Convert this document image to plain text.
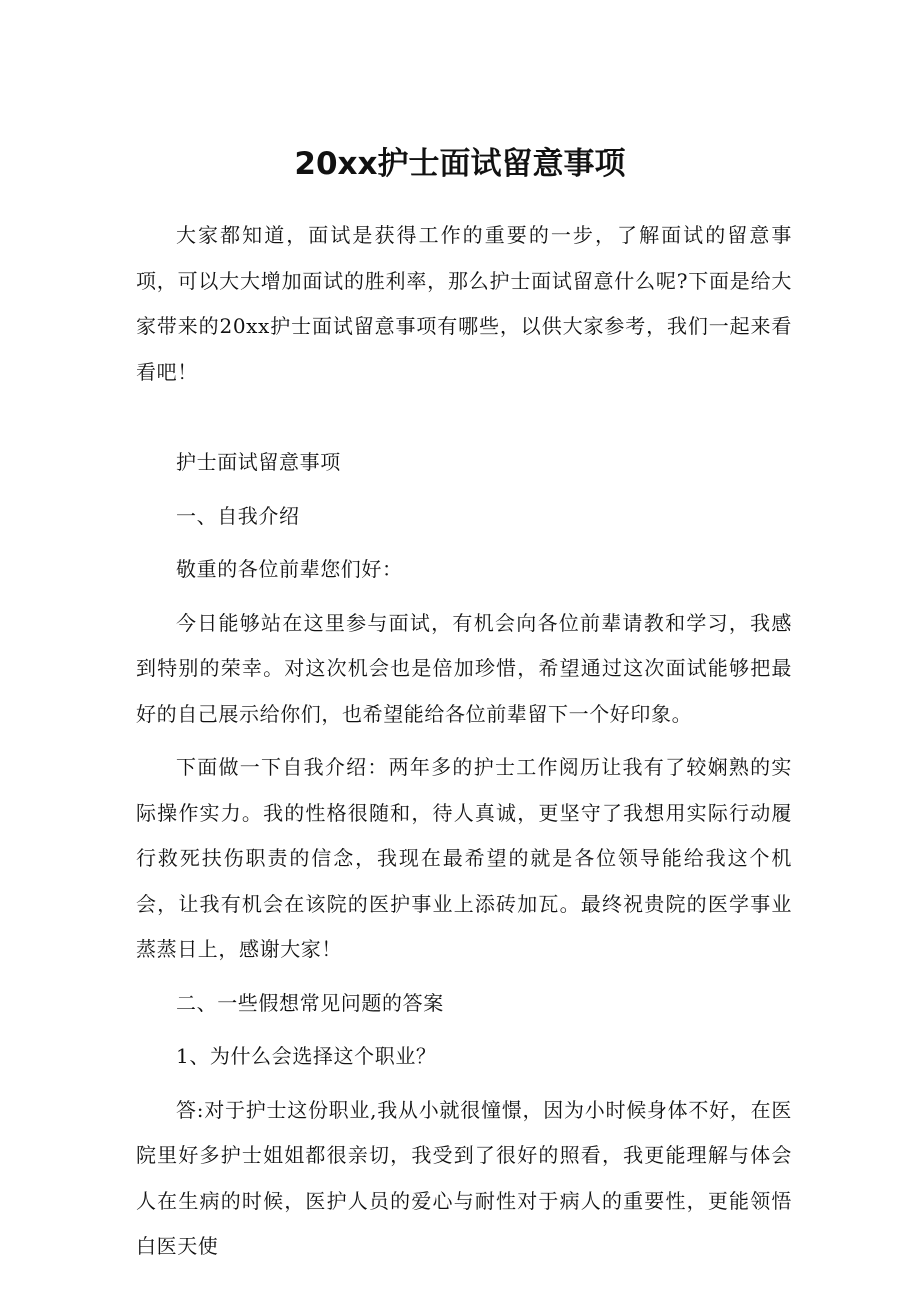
20xx护士面试留意事项

大家都知道，面试是获得工作的重要的一步，了解面试的留意事项，可以大大增加面试的胜利率，那么护士面试留意什么呢?下面是给大家带来的20xx护士面试留意事项有哪些，以供大家参考，我们一起来看看吧！

护士面试留意事项

一、自我介绍

敬重的各位前辈您们好：

今日能够站在这里参与面试，有机会向各位前辈请教和学习，我感到特别的荣幸。对这次机会也是倍加珍惜，希望通过这次面试能够把最好的自己展示给你们，也希望能给各位前辈留下一个好印象。

下面做一下自我介绍：两年多的护士工作阅历让我有了较娴熟的实际操作实力。我的性格很随和，待人真诚，更坚守了我想用实际行动履行救死扶伤职责的信念，我现在最希望的就是各位领导能给我这个机会，让我有机会在该院的医护事业上添砖加瓦。最终祝贵院的医学事业蒸蒸日上，感谢大家！

二、一些假想常见问题的答案

1、为什么会选择这个职业？

答:对于护士这份职业,我从小就很憧憬，因为小时候身体不好，在医院里好多护士姐姐都很亲切，我受到了很好的照看，我更能理解与体会人在生病的时候，医护人员的爱心与耐性对于病人的重要性，更能领悟白医天使
